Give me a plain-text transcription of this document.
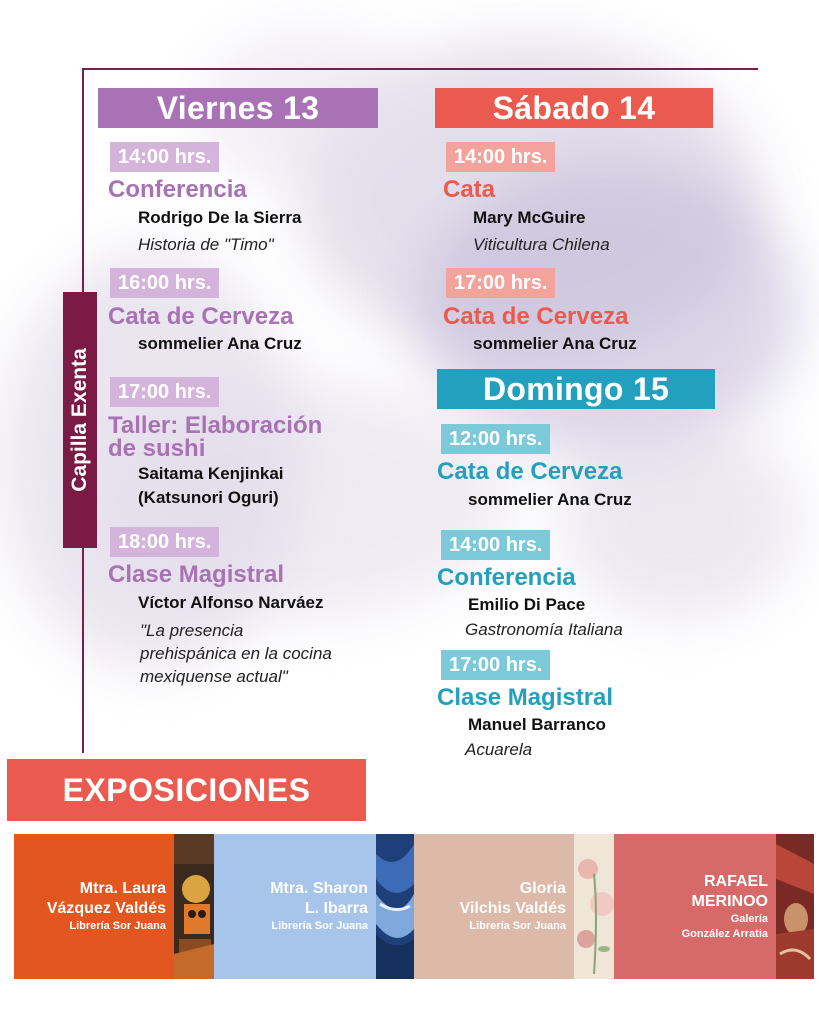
Capilla Exenta
Viernes 13
14:00 hrs.
Conferencia
Rodrigo De la Sierra
Historia de "Timo"
16:00 hrs.
Cata de Cerveza
sommelier Ana Cruz
17:00 hrs.
Taller: Elaboración
de sushi
Saitama Kenjinkai
(Katsunori Oguri)
18:00 hrs.
Clase Magistral
Víctor Alfonso Narváez
"La presencia
prehispánica en la cocina
mexiquense actual"
Sábado 14
14:00 hrs.
Cata
Mary McGuire
Viticultura Chilena
17:00 hrs.
Cata de Cerveza
sommelier Ana Cruz
Domingo 15
12:00 hrs.
Cata de Cerveza
sommelier Ana Cruz
14:00 hrs.
Conferencia
Emilio Di Pace
Gastronomía Italiana
17:00 hrs.
Clase Magistral
Manuel Barranco
Acuarela
EXPOSICIONES
Mtra. Laura
Vázquez Valdés
Librería Sor Juana
Mtra. Sharon
L. Ibarra
Librería Sor Juana
Gloria
Vilchis Valdés
Librería Sor Juana
RAFAEL
MERINOO
Galería
González Arratia
